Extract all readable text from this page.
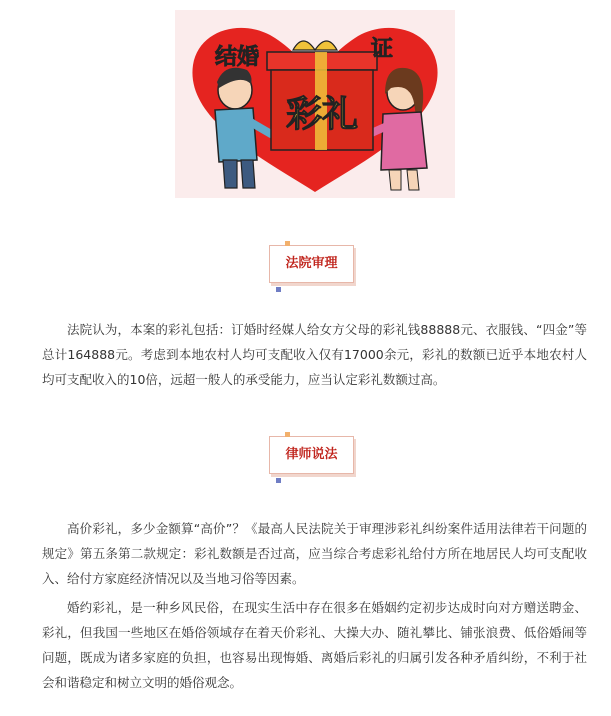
结婚	证
彩礼
法院审理

法院认为，本案的彩礼包括：订婚时经媒人给女方父母的彩礼钱88888元、衣服钱、“四金”等总计164888元。考虑到本地农村人均可支配收入仅有17000余元，彩礼的数额已近乎本地农村人均可支配收入的10倍，远超一般人的承受能力，应当认定彩礼数额过高。

律师说法

高价彩礼，多少金额算“高价”？《最高人民法院关于审理涉彩礼纠纷案件适用法律若干问题的规定》第五条第二款规定：彩礼数额是否过高，应当综合考虑彩礼给付方所在地居民人均可支配收入、给付方家庭经济情况以及当地习俗等因素。

婚约彩礼，是一种乡风民俗，在现实生活中存在很多在婚姻约定初步达成时向对方赠送聘金、彩礼，但我国一些地区在婚俗领域存在着天价彩礼、大操大办、随礼攀比、铺张浪费、低俗婚闹等问题，既成为诸多家庭的负担，也容易出现悔婚、离婚后彩礼的归属引发各种矛盾纠纷，不利于社会和谐稳定和树立文明的婚俗观念。
